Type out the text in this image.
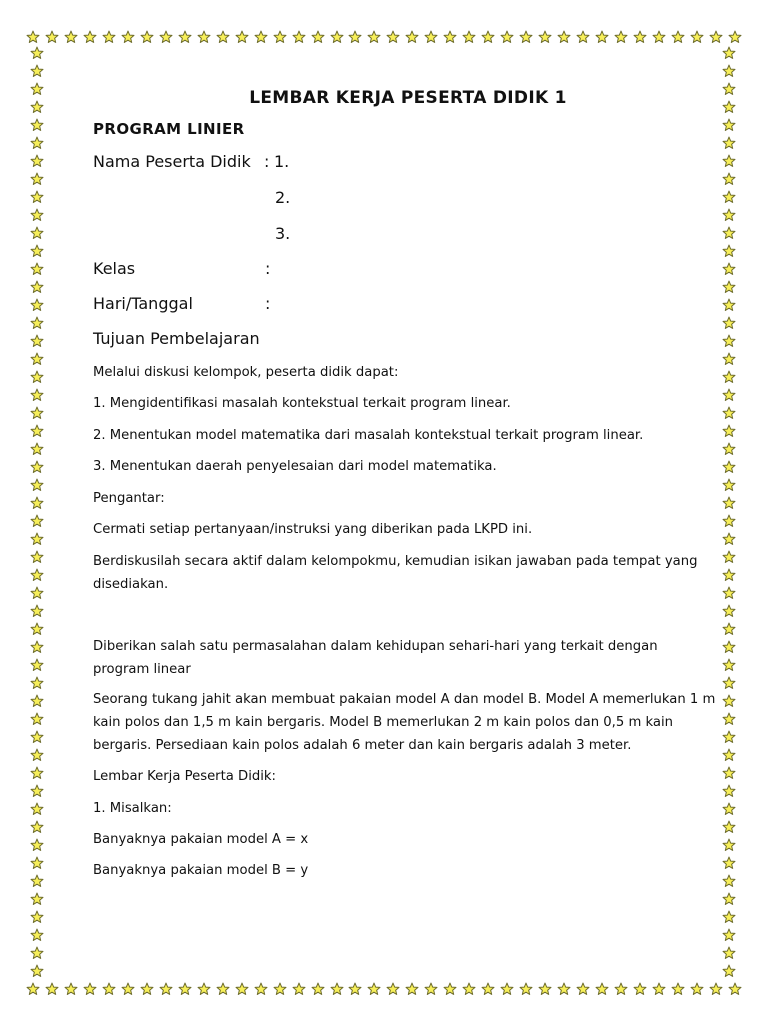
LEMBAR KERJA PESERTA DIDIK 1
PROGRAM LINIER
Nama Peserta Didik : 1.
2.
3.
Kelas	:
Hari/Tanggal	:
Tujuan Pembelajaran
Melalui diskusi kelompok, peserta didik dapat:
1. Mengidentifikasi masalah kontekstual terkait program linear.
2. Menentukan model matematika dari masalah kontekstual terkait program linear.
3. Menentukan daerah penyelesaian dari model matematika.
Pengantar:
Cermati setiap pertanyaan/instruksi yang diberikan pada LKPD ini.
Berdiskusilah secara aktif dalam kelompokmu, kemudian isikan jawaban pada tempat yang disediakan.
Diberikan salah satu permasalahan dalam kehidupan sehari-hari yang terkait dengan program linear
Seorang tukang jahit akan membuat pakaian model A dan model B. Model A memerlukan 1 m kain polos dan 1,5 m kain bergaris. Model B memerlukan 2 m kain polos dan 0,5 m kain bergaris. Persediaan kain polos adalah 6 meter dan kain bergaris adalah 3 meter.
Lembar Kerja Peserta Didik:
1. Misalkan:
Banyaknya pakaian model A = x
Banyaknya pakaian model B = y
